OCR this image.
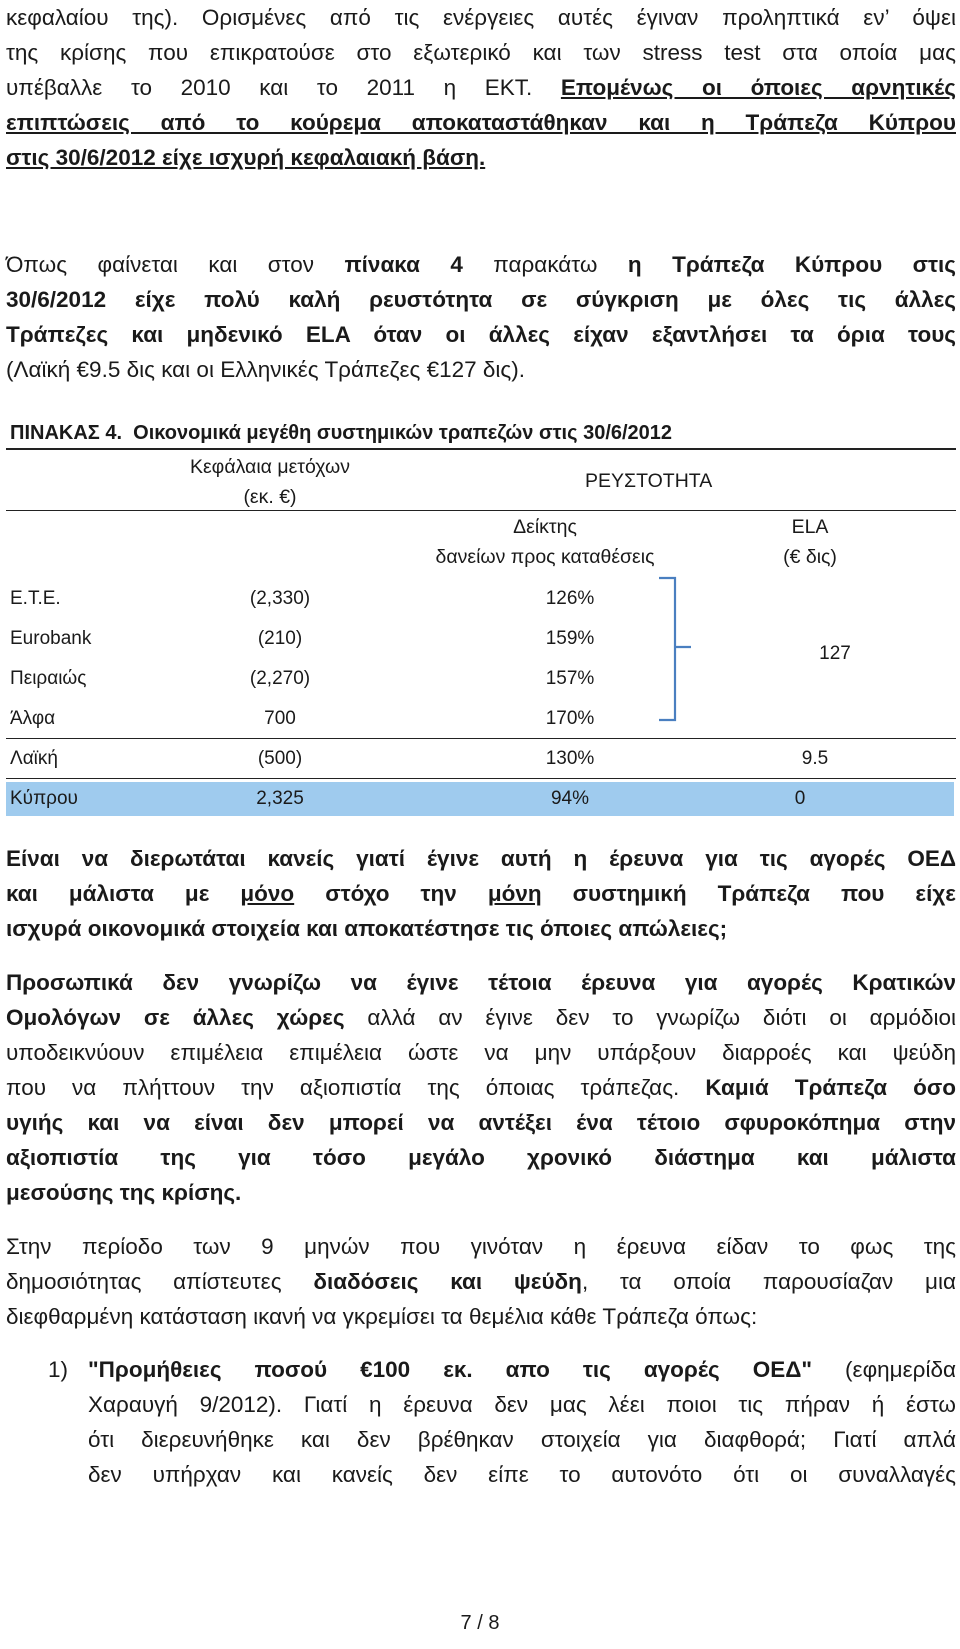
κεφαλαίου της). Ορισμένες από τις ενέργειες αυτές έγιναν προληπτικά εν’ όψει
της κρίσης που επικρατούσε στο εξωτερικό και των stress test στα οποία μας
υπέβαλλε το 2010 και το 2011 η ΕΚΤ. Επομένως οι όποιες αρνητικές
επιπτώσεις από το κούρεμα αποκαταστάθηκαν και η Τράπεζα Κύπρου
στις 30/6/2012 είχε ισχυρή κεφαλαιακή βάση.
Όπως φαίνεται και στον πίνακα 4 παρακάτω η Τράπεζα Κύπρου στις
30/6/2012 είχε πολύ καλή ρευστότητα σε σύγκριση με όλες τις άλλες
Τράπεζες και μηδενικό ELA όταν οι άλλες είχαν εξαντλήσει τα όρια τους
(Λαϊκή €9.5 δις και οι Ελληνικές Τράπεζες €127 δις).
ΠΙΝΑΚΑΣ 4. Οικονομικά μεγέθη συστημικών τραπεζών στις 30/6/2012
Κεφάλαια μετόχων
(εκ. €)
ΡΕΥΣΤΟΤΗΤΑ
Δείκτης
δανείων προς καταθέσεις
ELA
(€ δις)
Ε.Τ.Ε.	(2,330)	126%
Eurobank	(210)	159%
Πειραιώς	(2,270)	157%
Άλφα	700	170%
127
Λαϊκή	(500)	130%	9.5
Κύπρου	2,325	94%	0
Είναι να διερωτάται κανείς γιατί έγινε αυτή η έρευνα για τις αγορές ΟΕΔ
και μάλιστα με μόνο στόχο την μόνη συστημική Τράπεζα που είχε
ισχυρά οικονομικά στοιχεία και αποκατέστησε τις όποιες απώλειες;
Προσωπικά δεν γνωρίζω να έγινε τέτοια έρευνα για αγορές Κρατικών
Ομολόγων σε άλλες χώρες αλλά αν έγινε δεν το γνωρίζω διότι οι αρμόδιοι
υποδεικνύουν επιμέλεια επιμέλεια ώστε να μην υπάρξουν διαρροές και ψεύδη
που να πλήττουν την αξιοπιστία της όποιας τράπεζας. Καμιά Τράπεζα όσο
υγιής και να είναι δεν μπορεί να αντέξει ένα τέτοιο σφυροκόπημα στην
αξιοπιστία της για τόσο μεγάλο χρονικό διάστημα και μάλιστα
μεσούσης της κρίσης.
Στην περίοδο των 9 μηνών που γινόταν η έρευνα είδαν το φως της
δημοσιότητας απίστευτες διαδόσεις και ψεύδη, τα οποία παρουσίαζαν μια
διεφθαρμένη κατάσταση ικανή να γκρεμίσει τα θεμέλια κάθε Τράπεζα όπως:
1) "Προμήθειες ποσού €100 εκ. απο τις αγορές ΟΕΔ" (εφημερίδα
Χαραυγή 9/2012). Γιατί η έρευνα δεν μας λέει ποιοι τις πήραν ή έστω
ότι διερευνήθηκε και δεν βρέθηκαν στοιχεία για διαφθορά; Γιατί απλά
δεν υπήρχαν και κανείς δεν είπε το αυτονότο ότι οι συναλλαγές
7 / 8
